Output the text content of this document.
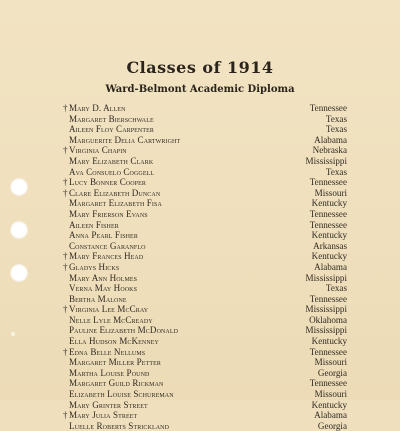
Classes of 1914
Ward-Belmont Academic Diploma
† Mary D. Allen	Tennessee
Margaret Bierschwale	Texas
Aileen Floy Carpenter	Texas
Marguerite Delia Cartwright	Alabama
† Virginia Chapin	Nebraska
Mary Elizabeth Clark	Mississippi
Ava Consuelo Coggell	Texas
† Lucy Bonner Cooper	Tennessee
† Clare Elizabeth Duncan	Missouri
Margaret Elizabeth Fisa	Kentucky
Mary Frierson Evans	Tennessee
Aileen Fisher	Tennessee
Anna Pearl Fisher	Kentucky
Constance Garanflo	Arkansas
† Mary Frances Head	Kentucky
† Gladys Hicks	Alabama
Mary Ann Holmes	Mississippi
Verna May Hooks	Texas
Bertha Malone	Tennessee
† Virginia Lee McCray	Mississippi
Nelle Lyle McCready	Oklahoma
Pauline Elizabeth McDonald	Mississippi
Ella Hudson McKenney	Kentucky
† Edna Belle Nellums	Tennessee
Margaret Miller Petter	Missouri
Martha Louise Pound	Georgia
Margaret Guild Rickman	Tennessee
Elizabeth Louise Schureman	Missouri
Mary Grinter Street	Kentucky
† Mary Julia Street	Alabama
Luelle Roberts Strickland	Georgia
